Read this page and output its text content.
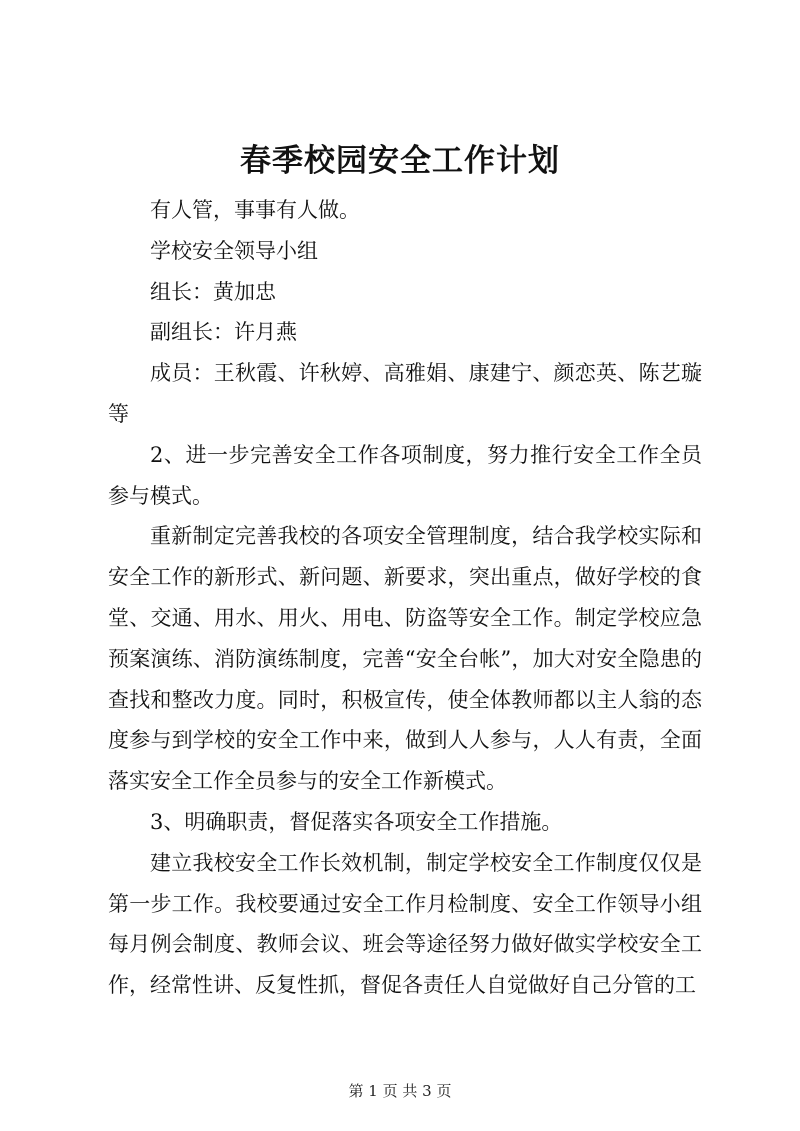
春季校园安全工作计划

有人管，事事有人做。

学校安全领导小组

组长：黄加忠

副组长：许月燕

成员：王秋霞、许秋婷、高雅娟、康建宁、颜恋英、陈艺璇等

2、进一步完善安全工作各项制度，努力推行安全工作全员参与模式。

重新制定完善我校的各项安全管理制度，结合我学校实际和安全工作的新形式、新问题、新要求，突出重点，做好学校的食堂、交通、用水、用火、用电、防盗等安全工作。制定学校应急预案演练、消防演练制度，完善“安全台帐”，加大对安全隐患的查找和整改力度。同时，积极宣传，使全体教师都以主人翁的态度参与到学校的安全工作中来，做到人人参与，人人有责，全面落实安全工作全员参与的安全工作新模式。

3、明确职责，督促落实各项安全工作措施。

建立我校安全工作长效机制，制定学校安全工作制度仅仅是第一步工作。我校要通过安全工作月检制度、安全工作领导小组每月例会制度、教师会议、班会等途径努力做好做实学校安全工作，经常性讲、反复性抓，督促各责任人自觉做好自己分管的工

第 1 页 共 3 页
